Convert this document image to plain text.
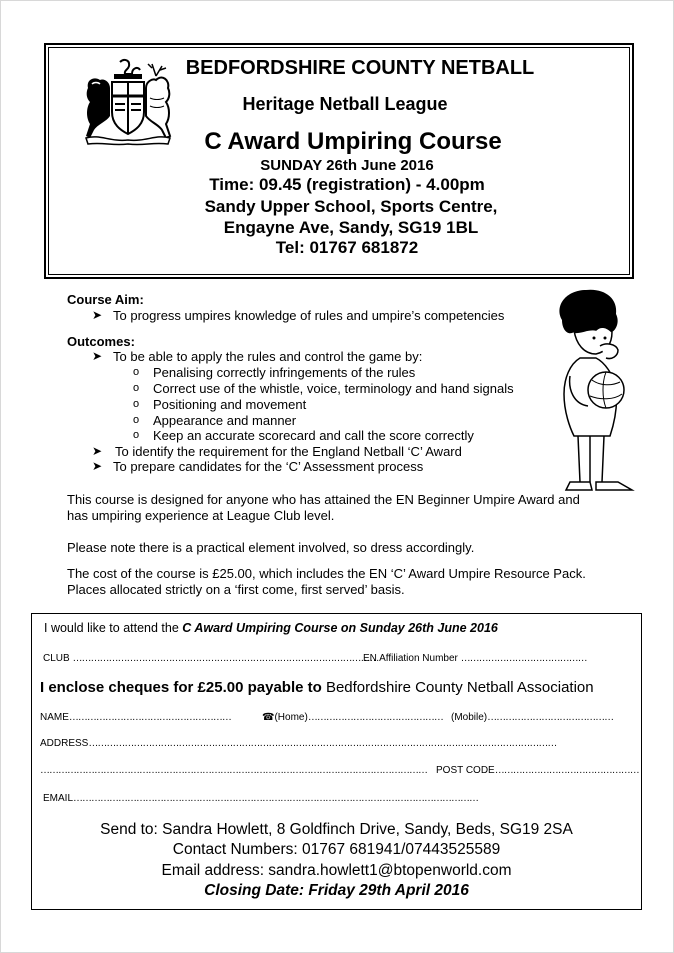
BEDFORDSHIRE COUNTY NETBALL
Heritage Netball League
C Award Umpiring Course
SUNDAY 26th June 2016
Time: 09.45 (registration) - 4.00pm
Sandy Upper School, Sports Centre,
Engayne Ave, Sandy, SG19 1BL
Tel: 01767 681872
Course Aim:
➤ To progress umpires knowledge of rules and umpire’s competencies
Outcomes:
➤ To be able to apply the rules and control the game by:
o Penalising correctly infringements of the rules
o Correct use of the whistle, voice, terminology and hand signals
o Positioning and movement
o Appearance and manner
o Keep an accurate scorecard and call the score correctly
➤ To identify the requirement for the England Netball ‘C’ Award
➤ To prepare candidates for the ‘C’ Assessment process
This course is designed for anyone who has attained the EN Beginner Umpire Award and
has umpiring experience at League Club level.
Please note there is a practical element involved, so dress accordingly.
The cost of the course is £25.00, which includes the EN ‘C’ Award Umpire Resource Pack.
Places allocated strictly on a ‘first come, first served’ basis.
I would like to attend the C Award Umpiring Course on Sunday 26th June 2016
CLUB …………………………………………………………………………………………
EN Affiliation Number ……………………………………
I enclose cheques for £25.00 payable to Bedfordshire County Netball Association
NAME………………………………………………	☎(Home)……………………………………… (Mobile)……………………………………
ADDRESS…………………………………………………………………………………………………………………………………………
………………………………………………………………………………………………………………… POST CODE…………………………………………
EMAIL………………………………………………………………………………………………………………………
Send to: Sandra Howlett, 8 Goldfinch Drive, Sandy, Beds, SG19 2SA
Contact Numbers: 01767 681941/07443525589
Email address: sandra.howlett1@btopenworld.com
Closing Date: Friday 29th April 2016
